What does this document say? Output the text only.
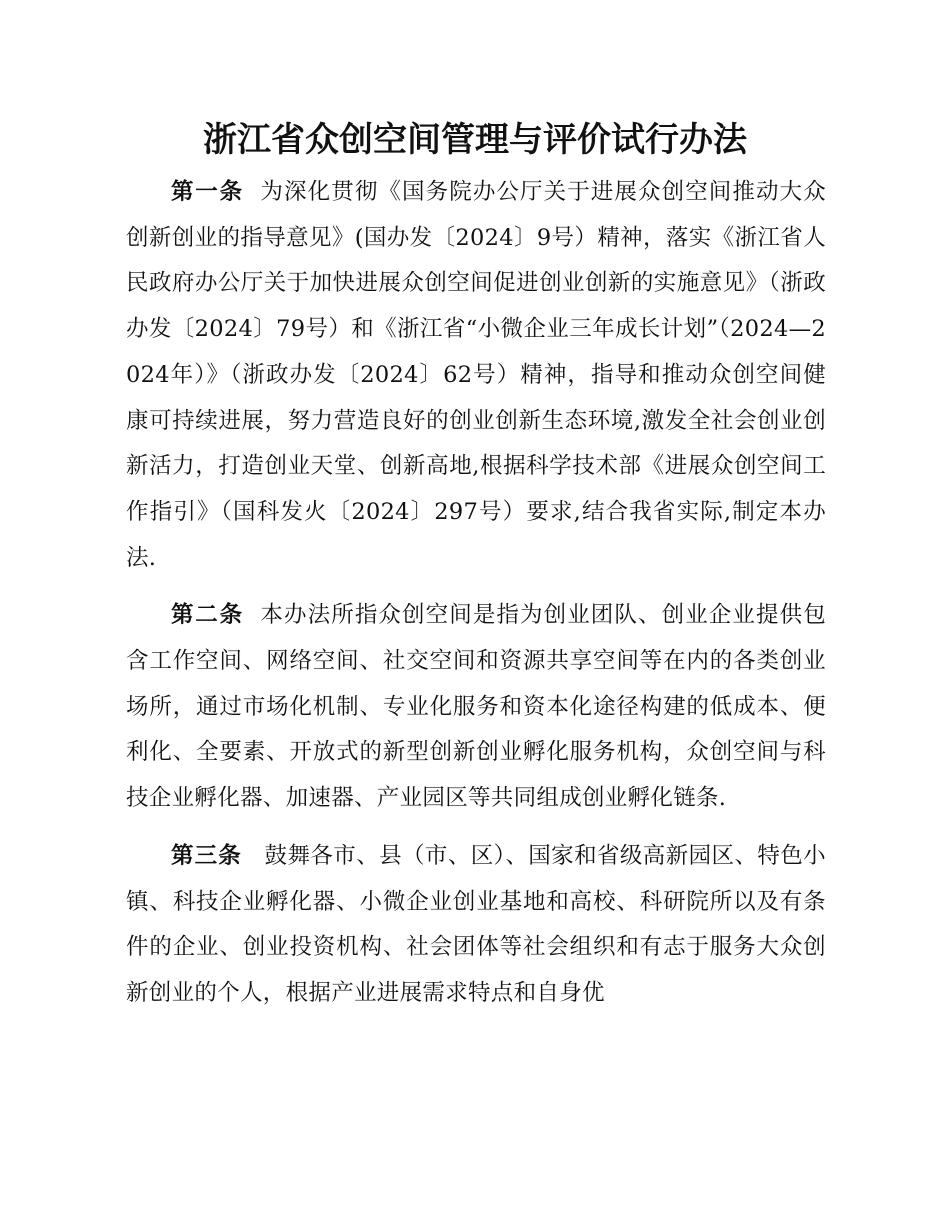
浙江省众创空间管理与评价试行办法

第一条 为深化贯彻《国务院办公厅关于进展众创空间推动大众创新创业的指导意见》(国办发〔2024〕9号）精神，落实《浙江省人民政府办公厅关于加快进展众创空间促进创业创新的实施意见》（浙政办发〔2024〕79号）和《浙江省“小微企业三年成长计划”（2024—2024年）》（浙政办发〔2024〕62号）精神，指导和推动众创空间健康可持续进展，努力营造良好的创业创新生态环境,激发全社会创业创新活力，打造创业天堂、创新高地,根据科学技术部《进展众创空间工作指引》（国科发火〔2024〕297号）要求,结合我省实际,制定本办法.

第二条 本办法所指众创空间是指为创业团队、创业企业提供包含工作空间、网络空间、社交空间和资源共享空间等在内的各类创业场所，通过市场化机制、专业化服务和资本化途径构建的低成本、便利化、全要素、开放式的新型创新创业孵化服务机构，众创空间与科技企业孵化器、加速器、产业园区等共同组成创业孵化链条.

第三条 鼓舞各市、县（市、区）、国家和省级高新园区、特色小镇、科技企业孵化器、小微企业创业基地和高校、科研院所以及有条件的企业、创业投资机构、社会团体等社会组织和有志于服务大众创新创业的个人，根据产业进展需求特点和自身优
